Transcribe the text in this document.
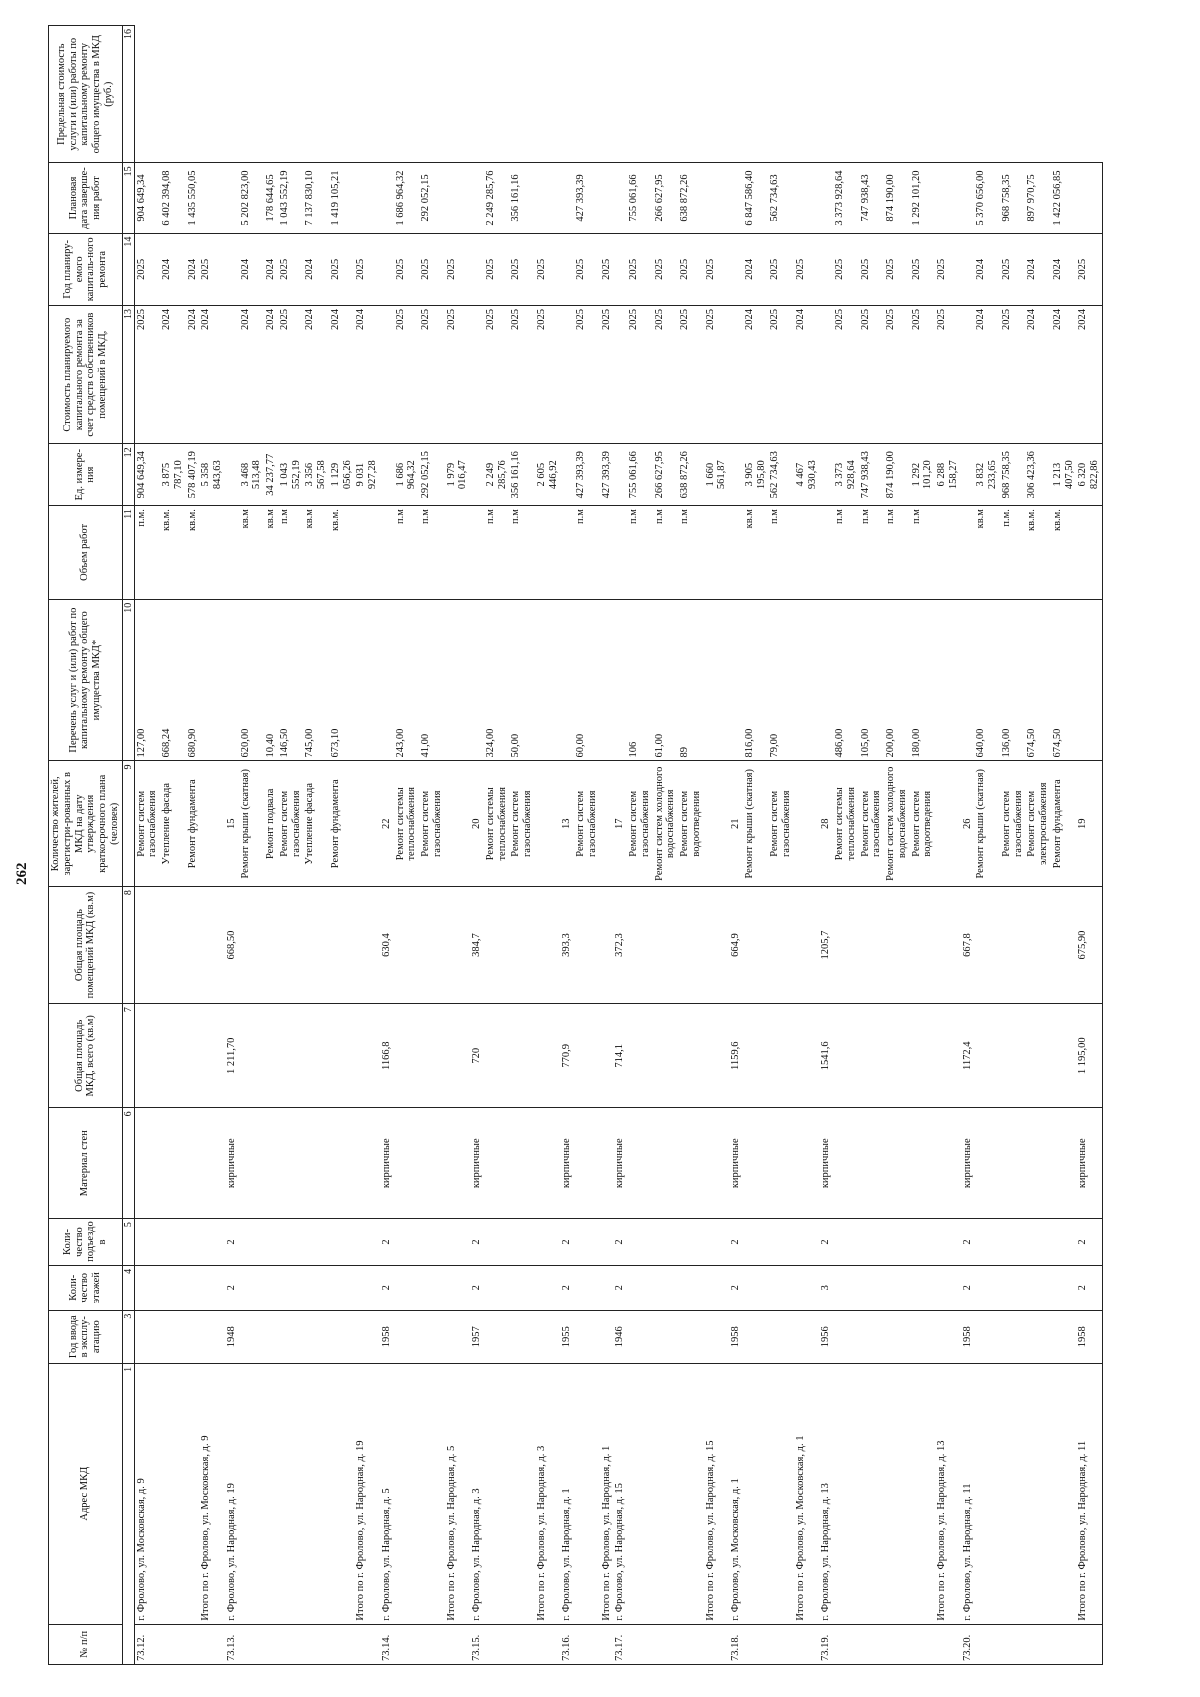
262
№ п/п	Адрес МКД	Год ввода в эксплу-атацию	Коли-чество этажей	Коли-чество подъездо в	Материал стен	Общая площадь МКД, всего (кв.м)	Общая площадь помещений МКД (кв.м)	Количество жителей, зарегистри-рованных в МКД на дату утверждения краткосрочного плана (человек)	Перечень услуг и (или) работ по капитальному ремонту общего имущества МКД*	Объем работ	Ед. измере-ния	Стоимость планируемого капитального ремонта за счет средств собственников помещений в МКД,	Год планиру-емого капиталь-ного ремонта	Плановая дата заверше-ния работ	Предельная стоимость услуги и (или) работы по капитальному ремонту общего имущества в МКД (руб.)
1		3	4	5	6	7	8	9	10	11	12	13	14	15	16
73.12.	г. Фролово, ул. Московская, д. 9							Ремонт систем газоснабжения	127,00	п.м.	904 649,34	2025	2025	904 649,34	
								Утепление фасада	668,24	кв.м.	3 875 787,10	2024	2024	6 402 394,08	
								Ремонт фундамента	680,90	кв.м.	578 407,19	2024	2024	1 435 550,05	
	Итого по г. Фролово, ул. Московская, д. 9										5 358 843,63	2024	2025		
73.13.	г. Фролово, ул. Народная, д. 19	1948	2	2	кирпичные	1 211,70	668,50	15							
								Ремонт крыши (скатная)	620,00	кв.м	3 468 513,48	2024	2024	5 202 823,00	
								Ремонт подвала	10,40	кв.м	34 237,77	2024	2024	178 644,65	
								Ремонт систем газоснабжения	146,50	п.м	1 043 552,19	2025	2025	1 043 552,19	
								Утепление фасада	745,00	кв.м	3 356 567,58	2024	2024	7 137 830,10	
								Ремонт фундамента	673,10	кв.м.	1 129 056,26	2024	2025	1 419 105,21	
	Итого по г. Фролово, ул. Народная, д. 19										9 031 927,28	2024	2025		
73.14.	г. Фролово, ул. Народная, д. 5	1958	2	2	кирпичные	1166,8	630,4	22							
								Ремонт системы теплоснабжения	243,00	п.м	1 686 964,32	2025	2025	1 686 964,32	
								Ремонт систем газоснабжения	41,00	п.м	292 052,15	2025	2025	292 052,15	
	Итого по г. Фролово, ул. Народная, д. 5										1 979 016,47	2025	2025		
73.15.	г. Фролово, ул. Народная, д. 3	1957	2	2	кирпичные	720	384,7	20							
								Ремонт системы теплоснабжения	324,00	п.м	2 249 285,76	2025	2025	2 249 285,76	
								Ремонт систем газоснабжения	50,00	п.м	356 161,16	2025	2025	356 161,16	
	Итого по г. Фролово, ул. Народная, д. 3										2 605 446,92	2025	2025		
73.16.	г. Фролово, ул. Народная, д. 1	1955	2	2	кирпичные	770,9	393,3	13							
								Ремонт систем газоснабжения	60,00	п.м	427 393,39	2025	2025	427 393,39	
	Итого по г. Фролово, ул. Народная, д. 1										427 393,39	2025	2025		
73.17.	г. Фролово, ул. Народная, д. 15	1946	2	2	кирпичные	714,1	372,3	17							
								Ремонт систем газоснабжения	106	п.м	755 061,66	2025	2025	755 061,66	
								Ремонт систем холодного водоснабжения	61,00	п.м	266 627,95	2025	2025	266 627,95	
								Ремонт систем водоотведения	89	п.м	638 872,26	2025	2025	638 872,26	
	Итого по г. Фролово, ул. Народная, д. 15										1 660 561,87	2025	2025		
73.18.	г. Фролово, ул. Московская, д. 1	1958	2	2	кирпичные	1159,6	664,9	21							
								Ремонт крыши (скатная)	816,00	кв.м	3 905 195,80	2024	2024	6 847 586,40	
								Ремонт систем газоснабжения	79,00	п.м	562 734,63	2025	2025	562 734,63	
	Итого по г. Фролово, ул. Московская, д. 1										4 467 930,43	2024	2025		
73.19.	г. Фролово, ул. Народная, д. 13	1956	3	2	кирпичные	1541,6	1205,7	28							
								Ремонт системы теплоснабжения	486,00	п.м	3 373 928,64	2025	2025	3 373 928,64	
								Ремонт систем газоснабжения	105,00	п.м	747 938,43	2025	2025	747 938,43	
								Ремонт систем холодного водоснабжения	200,00	п.м	874 190,00	2025	2025	874 190,00	
								Ремонт систем водоотведения	180,00	п.м	1 292 101,20	2025	2025	1 292 101,20	
	Итого по г. Фролово, ул. Народная, д. 13										6 288 158,27	2025	2025		
73.20.	г. Фролово, ул. Народная, д. 11	1958	2	2	кирпичные	1172,4	667,8	26							
								Ремонт крыши (скатная)	640,00	кв.м	3 832 233,65	2024	2024	5 370 656,00	
								Ремонт систем газоснабжения	136,00	п.м.	968 758,35	2025	2025	968 758,35	
								Ремонт систем электроснабжения	674,50	кв.м.	306 423,36	2024	2024	897 970,75	
								Ремонт фундамента	674,50	кв.м.	1 213 407,50	2024	2024	1 422 056,85	
	Итого по г. Фролово, ул. Народная, д. 11	1958	2	2	кирпичные	1 195,00	675,90	19			6 320 822,86	2024	2025		
